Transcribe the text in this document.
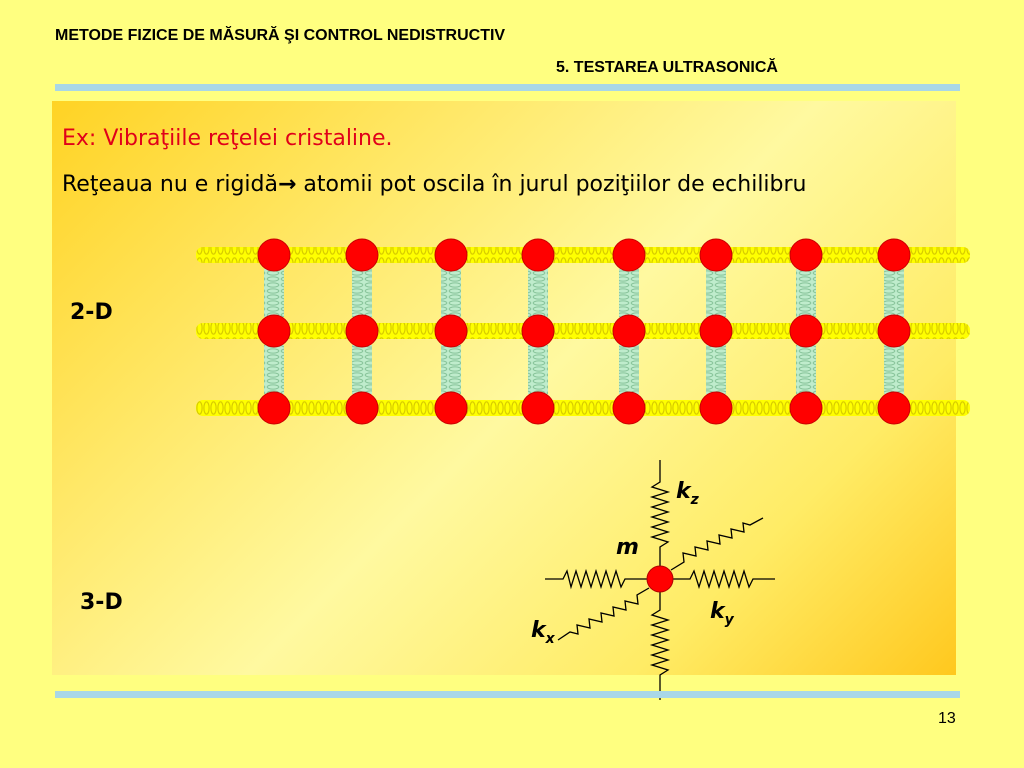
METODE FIZICE DE MĂSURĂ ŞI CONTROL NEDISTRUCTIV
5. TESTAREA ULTRASONICĂ
Ex: Vibraţiile reţelei cristaline.
Reţeaua nu e rigidă→ atomii pot oscila în jurul poziţiilor de echilibru
2-D
3-D
$k_z$
m
$k_y$
$k_x$
13
